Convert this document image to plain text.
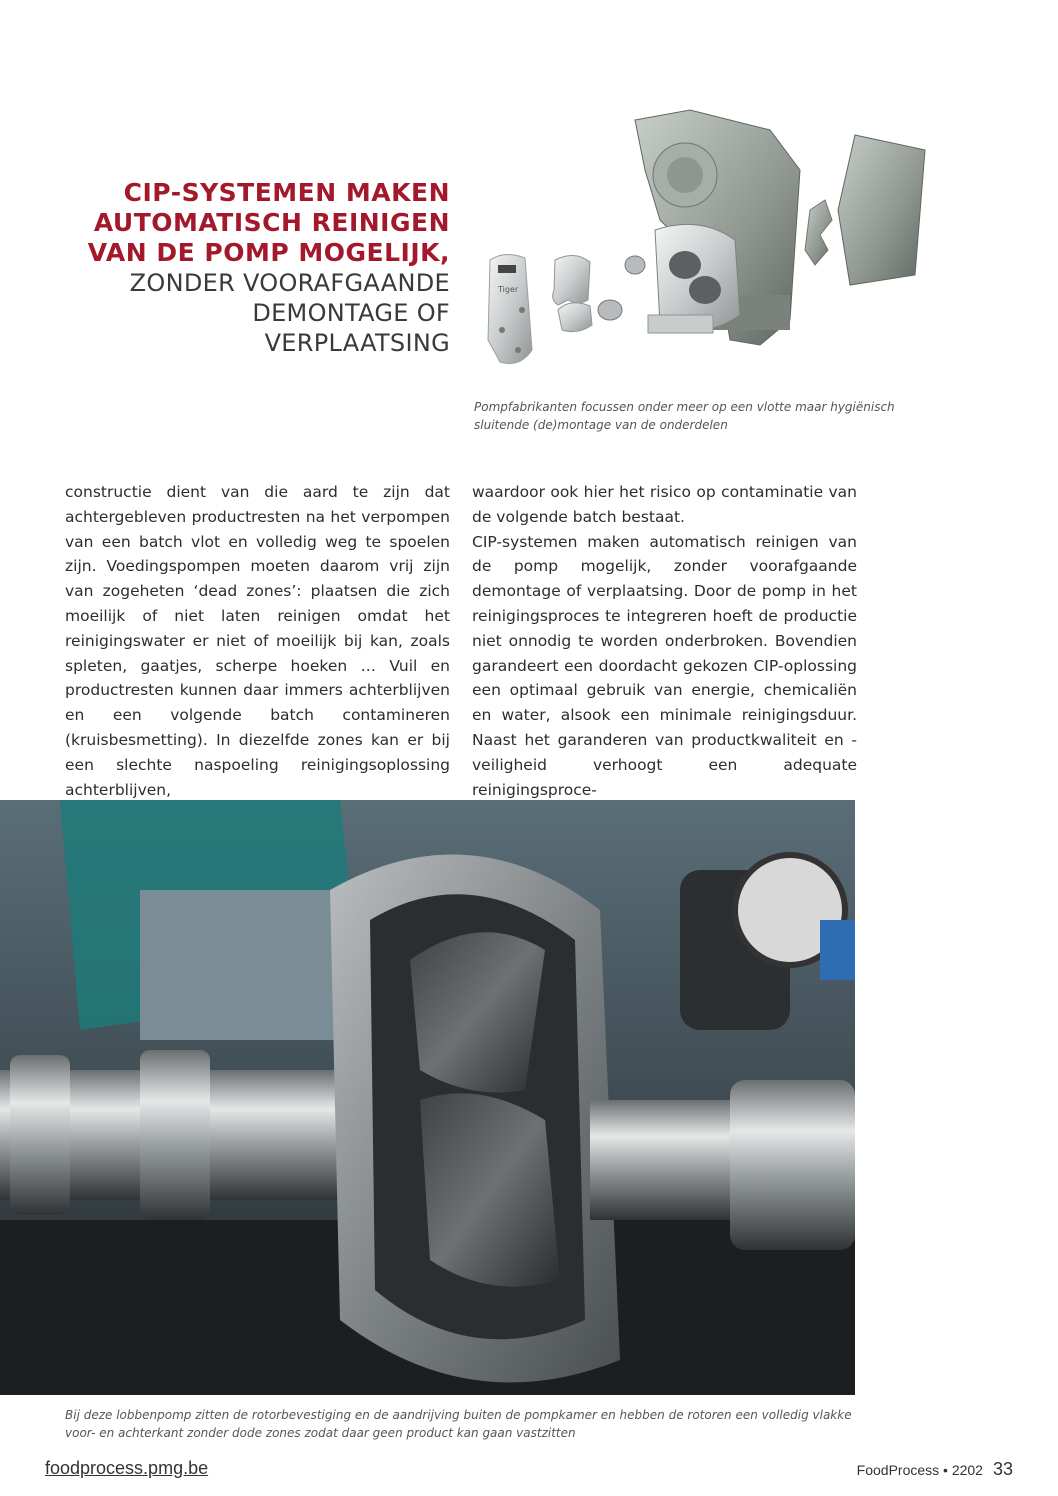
CIP-SYSTEMEN MAKEN
AUTOMATISCH REINIGEN
VAN DE POMP MOGELIJK,
ZONDER VOORAFGAANDE
DEMONTAGE OF
VERPLAATSING
Tiger
Pompfabrikanten focussen onder meer op een vlotte maar hygiënisch sluitende (de)montage van de onderdelen

constructie dient van die aard te zijn dat achtergebleven productresten na het verpompen van een batch vlot en volledig weg te spoelen zijn. Voedingspompen moeten daarom vrij zijn van zogeheten ‘dead zones’: plaatsen die zich moeilijk of niet laten reinigen omdat het reinigingswater er niet of moeilijk bij kan, zoals spleten, gaatjes, scherpe hoeken … Vuil en productresten kunnen daar immers achterblijven en een volgende batch contamineren (kruisbesmetting). In diezelfde zones kan er bij een slechte naspoeling reinigingsoplossing achterblijven,

waardoor ook hier het risico op contaminatie van de volgende batch bestaat.

CIP-systemen maken automatisch reinigen van de pomp mogelijk, zonder voorafgaande demontage of verplaatsing. Door de pomp in het reinigingsproces te integreren hoeft de productie niet onnodig te worden onderbroken. Bovendien garandeert een doordacht gekozen CIP-oplossing een optimaal gebruik van energie, chemicaliën en water, alsook een minimale reinigingsduur. Naast het garanderen van productkwaliteit en -veiligheid verhoogt een adequate reinigingsproce-

Bij deze lobbenpomp zitten de rotorbevestiging en de aandrijving buiten de pompkamer en hebben de rotoren een volledig vlakke voor- en achterkant zonder dode zones zodat daar geen product kan gaan vastzitten
foodprocess.pmg.be	FoodProcess • 2202 33
